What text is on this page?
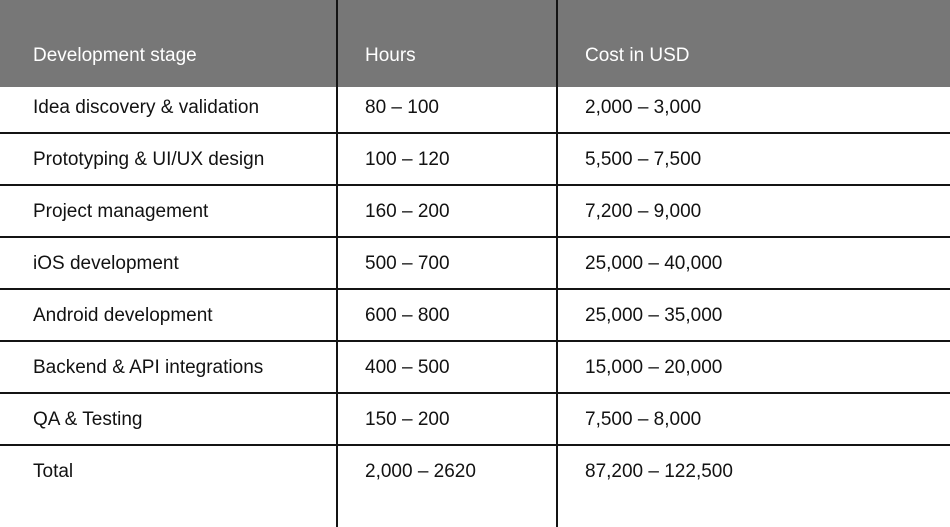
Development stage	Hours	Cost in USD
Idea discovery & validation	80 – 100	2,000 – 3,000
Prototyping & UI/UX design	100 – 120	5,500 – 7,500
Project management	160 – 200	7,200 – 9,000
iOS development	500 – 700	25,000 – 40,000
Android development	600 – 800	25,000 – 35,000
Backend & API integrations	400 – 500	15,000 – 20,000
QA & Testing	150 – 200	7,500 – 8,000
Total	2,000 – 2620	87,200 – 122,500
